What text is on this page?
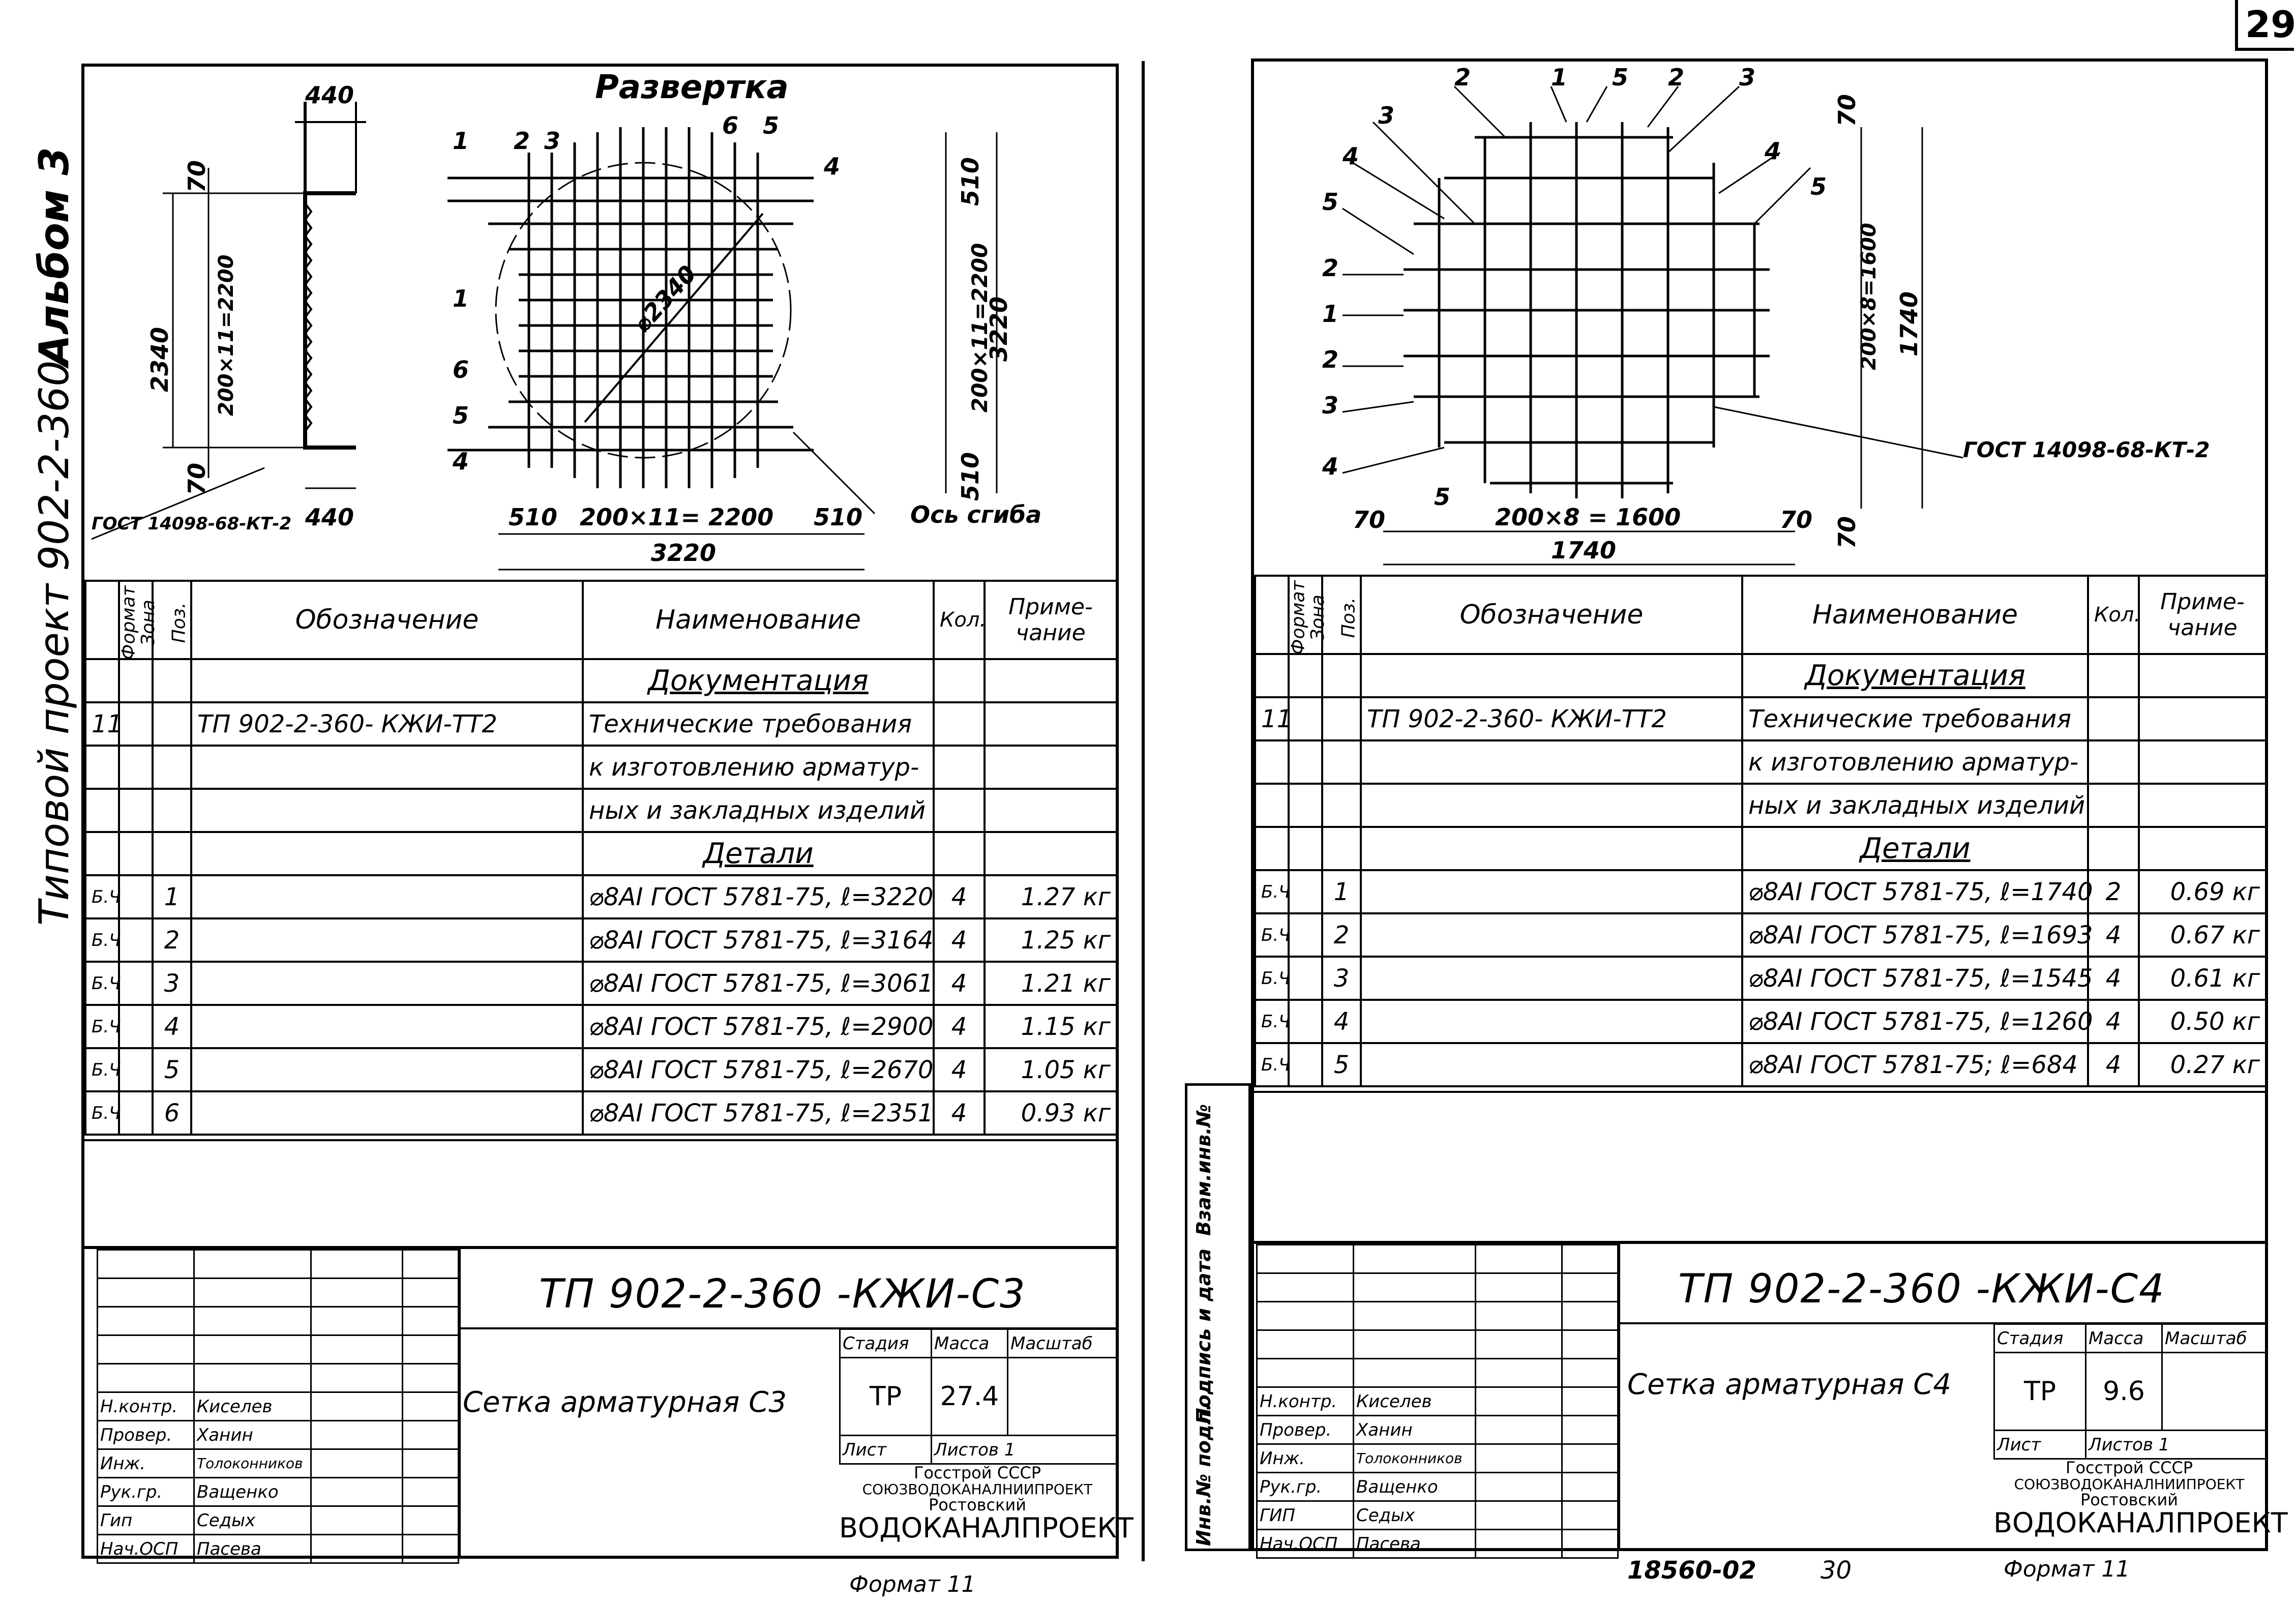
29
Альбом 3
Типовой проект 902-2-360
Развертка
440
440
70
70
2340 200×11=2200
ГОСТ 14098-68-КТ-2
1 2 3
6 5
4
1
6
5
4
⌀2340
510
200×11=2200
3220
510
510 200×11= 2200 510 Ось сгиба
3220
Формат	Зона	Поз.	Обозначение	Наименование	Кол.	Приме-чание
				Документация		
11			ТП 902-2-360- КЖИ-ТТ2	Технические требования		
				к изготовлению арматур-		
				ных и закладных изделий		
				Детали		
Б.Ч		1		⌀8АI ГОСТ 5781-75, ℓ=3220	4	1.27 кг
Б.Ч		2		⌀8АI ГОСТ 5781-75, ℓ=3164	4	1.25 кг
Б.Ч		3		⌀8АI ГОСТ 5781-75, ℓ=3061	4	1.21 кг
Б.Ч		4		⌀8АI ГОСТ 5781-75, ℓ=2900	4	1.15 кг
Б.Ч		5		⌀8АI ГОСТ 5781-75, ℓ=2670	4	1.05 кг
Б.Ч		6		⌀8АI ГОСТ 5781-75, ℓ=2351	4	0.93 кг

Н.контр.	Киселев		
Провер.	Ханин		
Инж.	Толоконников		
Рук.гр.	Ващенко		
Гип	Седых		
Нач.ОСП	Пасева		
ТП 902-2-360 -КЖИ-С3
Сетка арматурная С3
Стадия	Масса	Масштаб
ТР	27.4	
Лист	Листов 1	
Госстрой СССР
СОЮЗВОДОКАНАЛНИИПРОЕКТ
Ростовский
ВОДОКАНАЛПРОЕКТ
Формат 11
Взам.инв.№
Подпись и дата
Инв.№ подл.
2	1 5 2 3
3
4
5
2
1
2
3
4
5
4
5
70
200×8=1600 1740
70
ГОСТ 14098-68-КТ-2
70	200×8 = 1600	70
1740
Формат	Зона	Поз.	Обозначение	Наименование	Кол.	Приме-чание
				Документация		
11			ТП 902-2-360- КЖИ-ТТ2	Технические требования		
				к изготовлению арматур-		
				ных и закладных изделий		
				Детали		
Б.Ч		1		⌀8АI ГОСТ 5781-75, ℓ=1740	2	0.69 кг
Б.Ч		2		⌀8АI ГОСТ 5781-75, ℓ=1693	4	0.67 кг
Б.Ч		3		⌀8АI ГОСТ 5781-75, ℓ=1545	4	0.61 кг
Б.Ч		4		⌀8АI ГОСТ 5781-75, ℓ=1260	4	0.50 кг
Б.Ч		5		⌀8АI ГОСТ 5781-75; ℓ=684	4	0.27 кг

Н.контр.	Киселев		
Провер.	Ханин		
Инж.	Толоконников		
Рук.гр.	Ващенко		
ГИП	Седых		
Нач.ОСП	Пасева		
ТП 902-2-360 -КЖИ-С4
Сетка арматурная С4
Стадия	Масса	Масштаб
ТР	9.6	
Лист	Листов 1	
Госстрой СССР
СОЮЗВОДОКАНАЛНИИПРОЕКТ
Ростовский
ВОДОКАНАЛПРОЕКТ
18560-02	30	Формат 11
